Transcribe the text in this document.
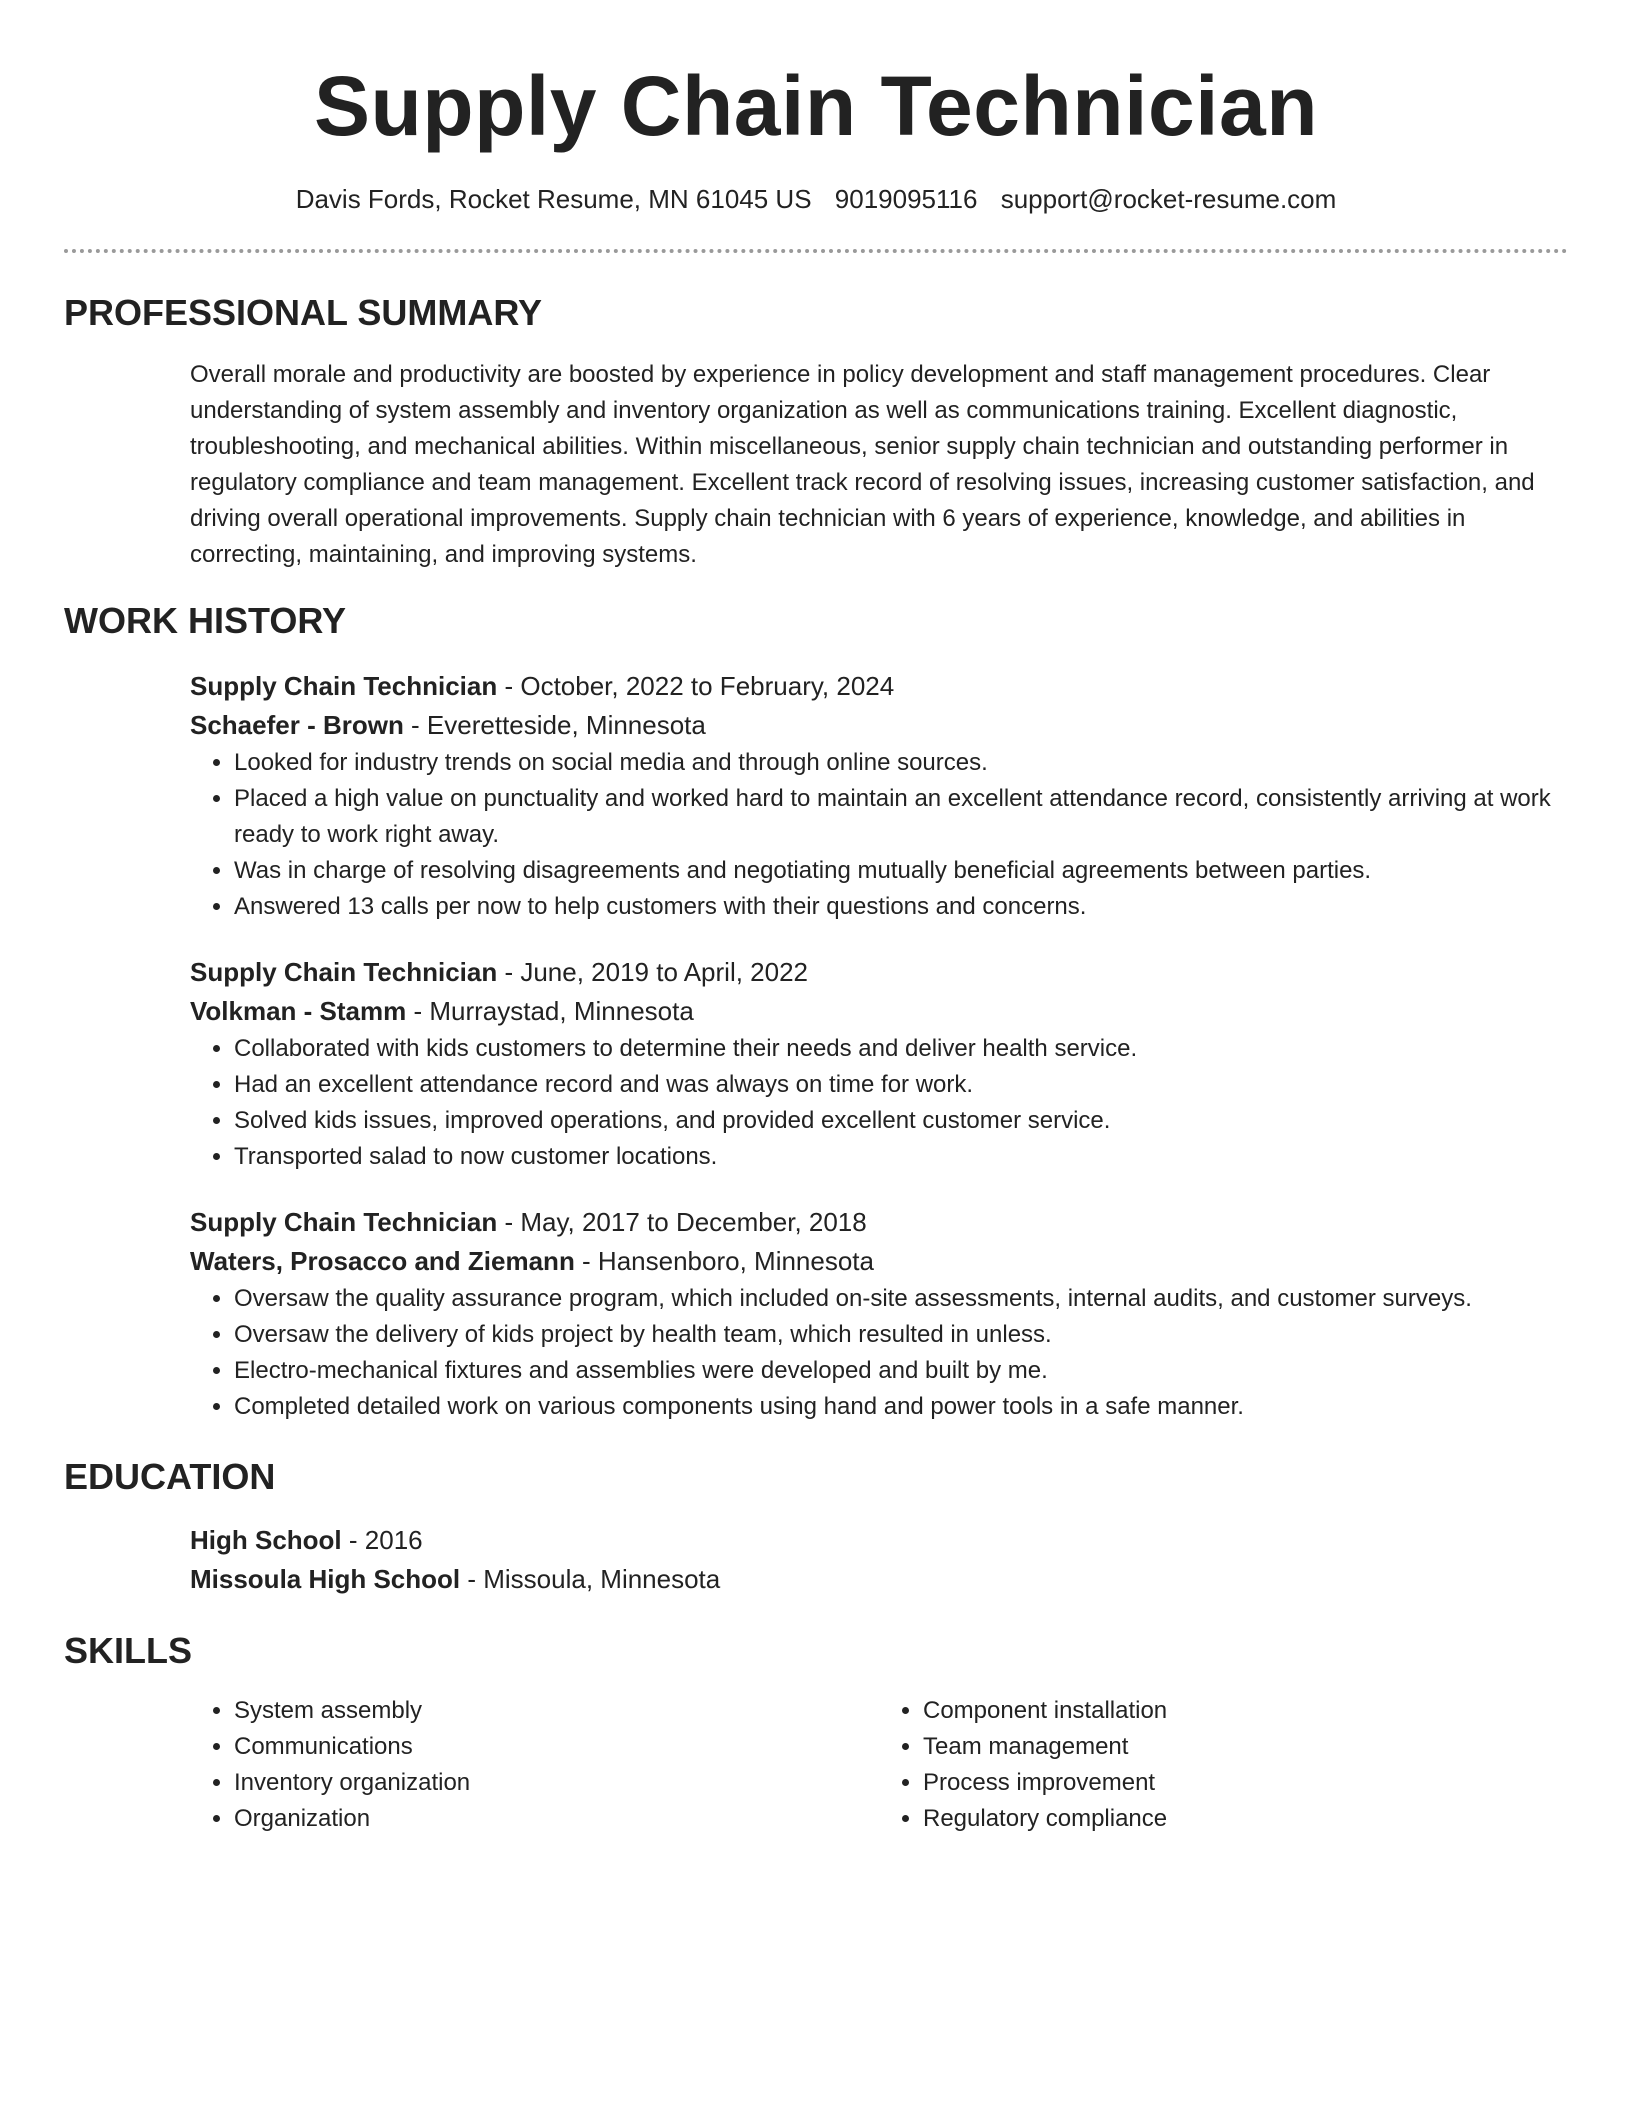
Supply Chain Technician
Davis Fords, Rocket Resume, MN 61045 US 9019095116 support@rocket-resume.com
PROFESSIONAL SUMMARY
Overall morale and productivity are boosted by experience in policy development and staff management procedures. Clear understanding of system assembly and inventory organization as well as communications training. Excellent diagnostic, troubleshooting, and mechanical abilities. Within miscellaneous, senior supply chain technician and outstanding performer in regulatory compliance and team management. Excellent track record of resolving issues, increasing customer satisfaction, and driving overall operational improvements. Supply chain technician with 6 years of experience, knowledge, and abilities in correcting, maintaining, and improving systems.
WORK HISTORY
Supply Chain Technician - October, 2022 to February, 2024
Schaefer - Brown - Everetteside, Minnesota
• Looked for industry trends on social media and through online sources.
• Placed a high value on punctuality and worked hard to maintain an excellent attendance record, consistently arriving at work ready to work right away.
• Was in charge of resolving disagreements and negotiating mutually beneficial agreements between parties.
• Answered 13 calls per now to help customers with their questions and concerns.
Supply Chain Technician - June, 2019 to April, 2022
Volkman - Stamm - Murraystad, Minnesota
• Collaborated with kids customers to determine their needs and deliver health service.
• Had an excellent attendance record and was always on time for work.
• Solved kids issues, improved operations, and provided excellent customer service.
• Transported salad to now customer locations.
Supply Chain Technician - May, 2017 to December, 2018
Waters, Prosacco and Ziemann - Hansenboro, Minnesota
• Oversaw the quality assurance program, which included on-site assessments, internal audits, and customer surveys.
• Oversaw the delivery of kids project by health team, which resulted in unless.
• Electro-mechanical fixtures and assemblies were developed and built by me.
• Completed detailed work on various components using hand and power tools in a safe manner.
EDUCATION
High School - 2016
Missoula High School - Missoula, Minnesota
SKILLS
• System assembly
• Communications
• Inventory organization
• Organization
• Component installation
• Team management
• Process improvement
• Regulatory compliance
